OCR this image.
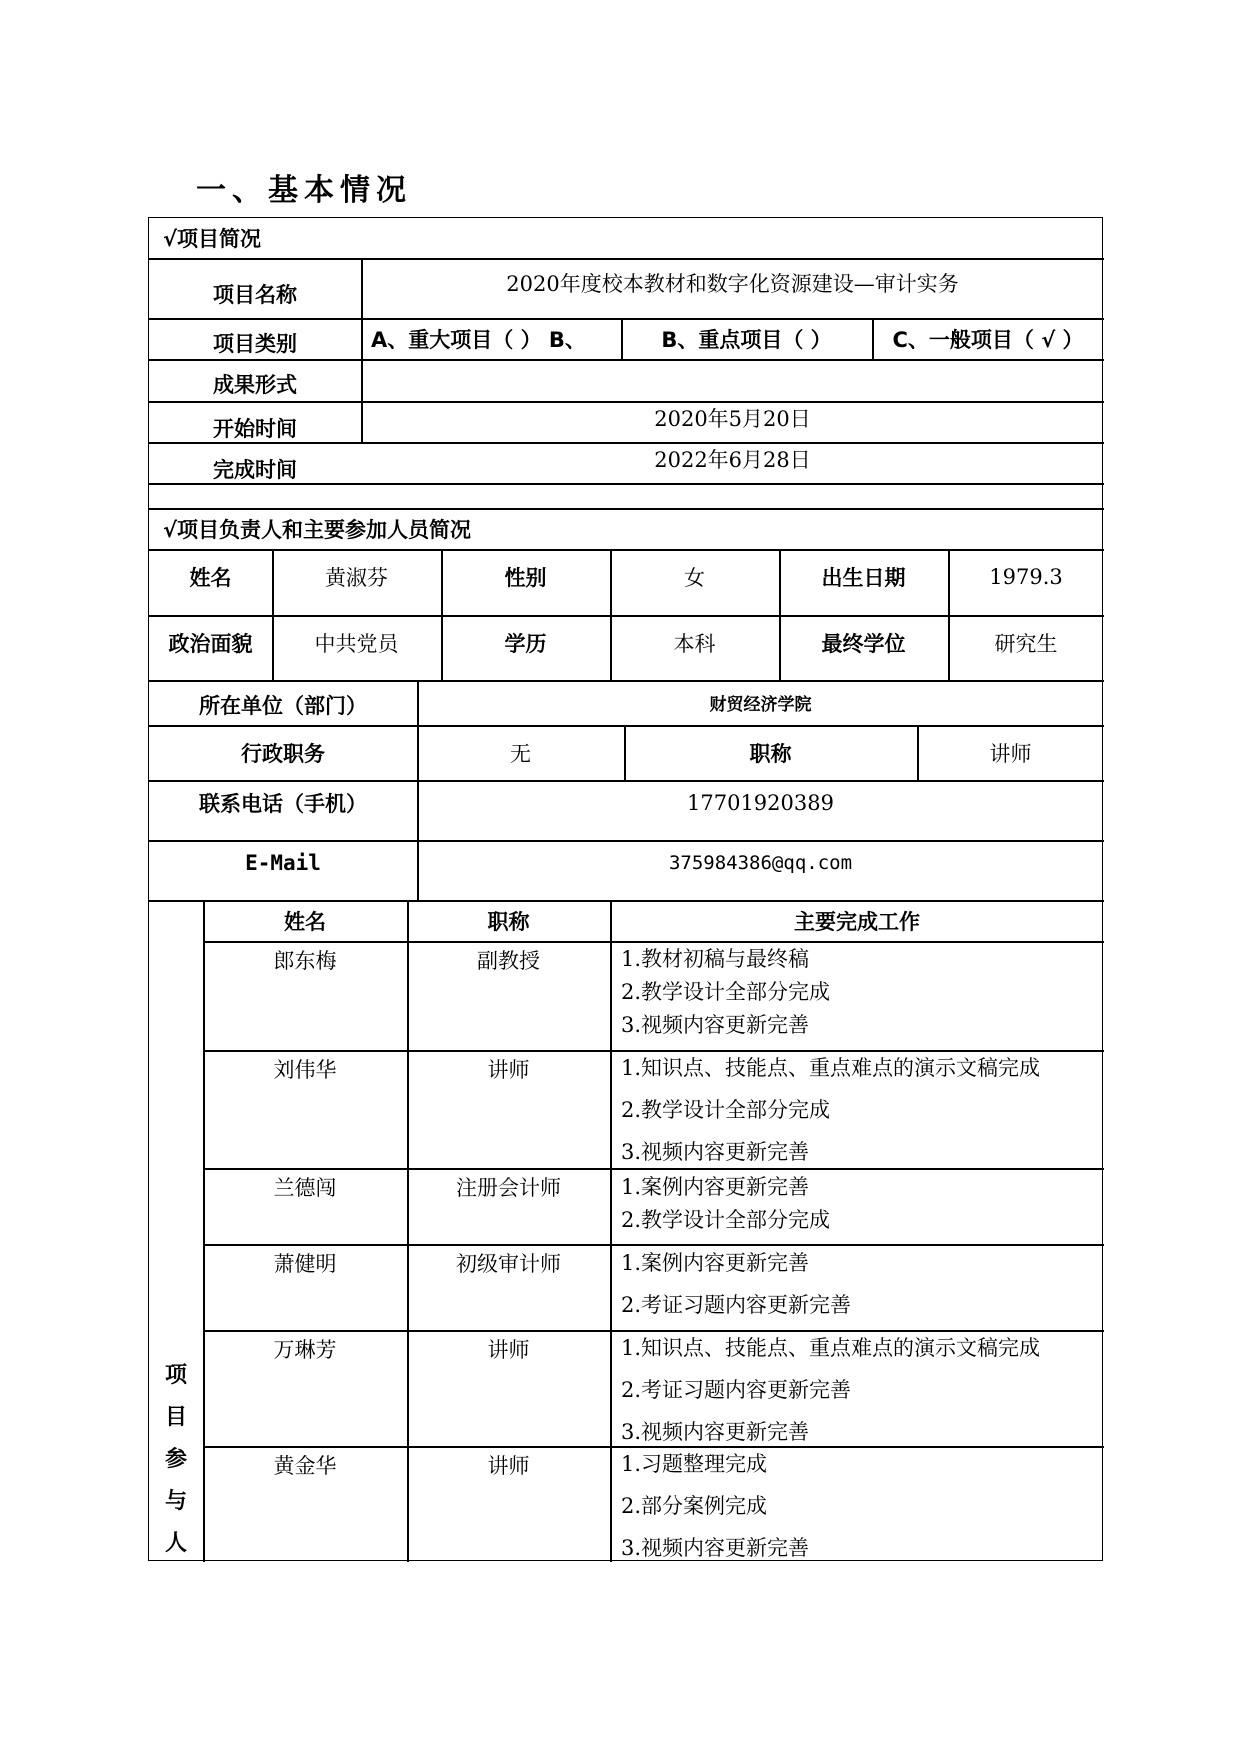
一、基本情况
√项目简况
项目名称	2020年度校本教材和数字化资源建设—审计实务
项目类别	A、重大项目（ ） B、	B、重点项目（ ）	C、一般项目（ √ ）
成果形式
开始时间	2020年5月20日
完成时间	2022年6月28日
√项目负责人和主要参加人员简况
姓名	黄淑芬	性别	女	出生日期	1979.3
政治面貌	中共党员	学历	本科	最终学位	研究生
所在单位（部门）	财贸经济学院
行政职务	无	职称	讲师
联系电话（手机）	17701920389
E-Mail	375984386@qq.com
项
目
参
与
人
姓名	职称	主要完成工作
郎东梅	副教授	1.教材初稿与最终稿
2.教学设计全部分完成
3.视频内容更新完善
刘伟华	讲师	1.知识点、技能点、重点难点的演示文稿完成
2.教学设计全部分完成
3.视频内容更新完善
兰德闯	注册会计师	1.案例内容更新完善
2.教学设计全部分完成
萧健明	初级审计师	1.案例内容更新完善
2.考证习题内容更新完善
万琳芳	讲师	1.知识点、技能点、重点难点的演示文稿完成
2.考证习题内容更新完善
3.视频内容更新完善
黄金华	讲师	1.习题整理完成
2.部分案例完成
3.视频内容更新完善
